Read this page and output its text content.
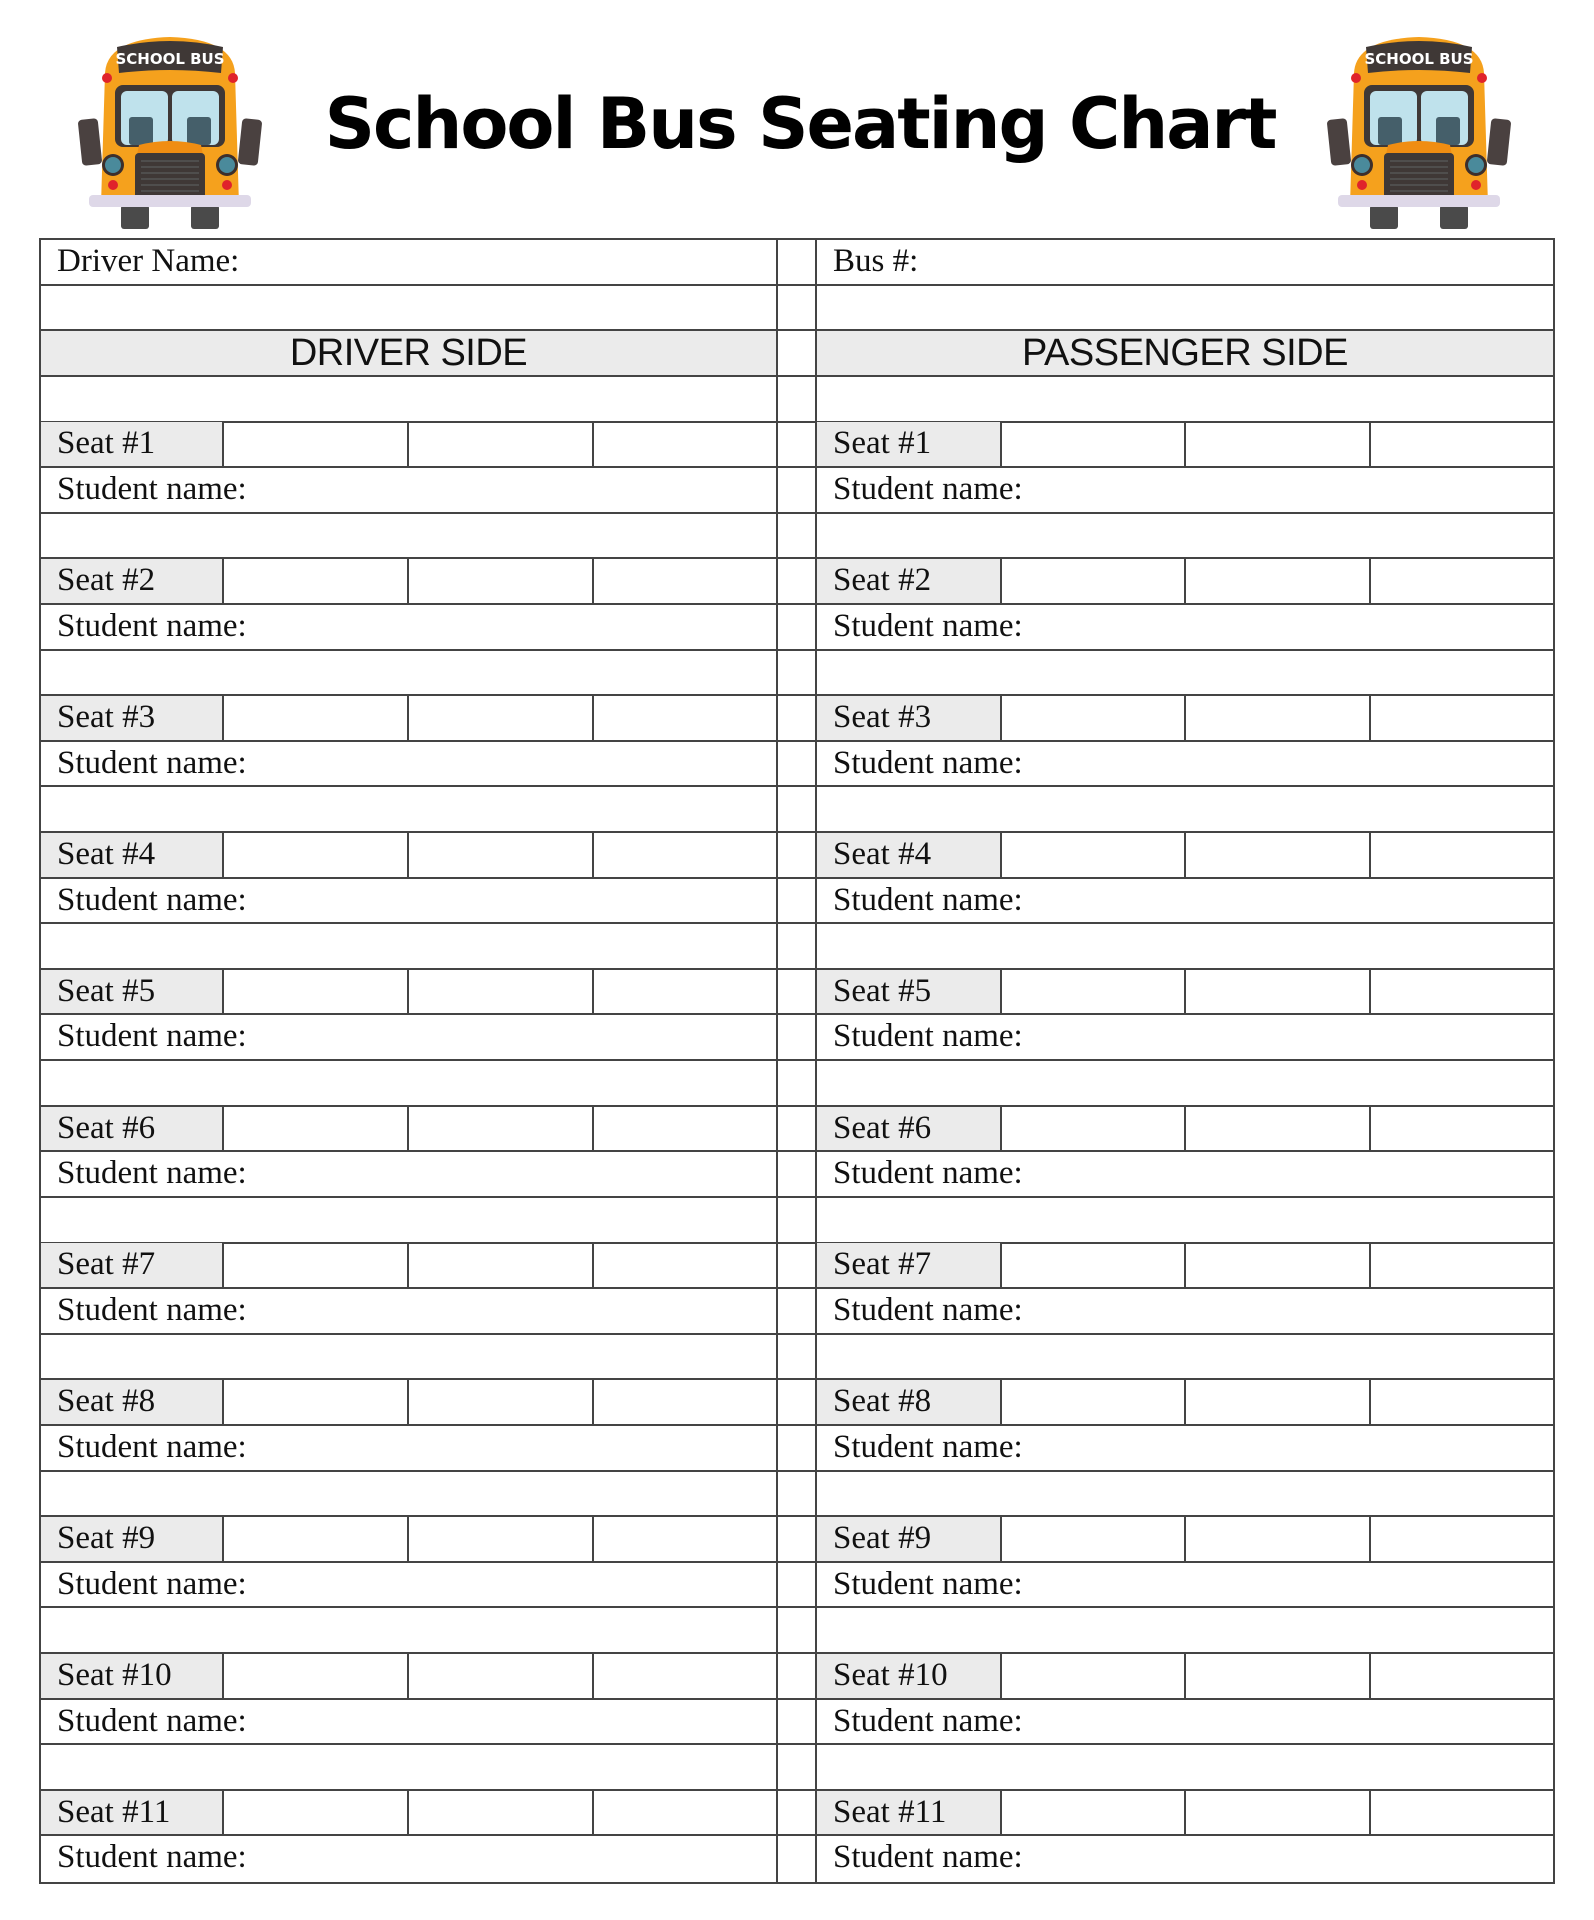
SCHOOL BUS	SCHOOL BUS
School Bus Seating Chart
Driver Name:	Bus #:
DRIVER SIDE	PASSENGER SIDE
Seat #1	Seat #1
Student name:	Student name:
Seat #2	Seat #2
Student name:	Student name:
Seat #3	Seat #3
Student name:	Student name:
Seat #4	Seat #4
Student name:	Student name:
Seat #5	Seat #5
Student name:	Student name:
Seat #6	Seat #6
Student name:	Student name:
Seat #7	Seat #7
Student name:	Student name:
Seat #8	Seat #8
Student name:	Student name:
Seat #9	Seat #9
Student name:	Student name:
Seat #10	Seat #10
Student name:	Student name:
Seat #11	Seat #11
Student name:	Student name:
